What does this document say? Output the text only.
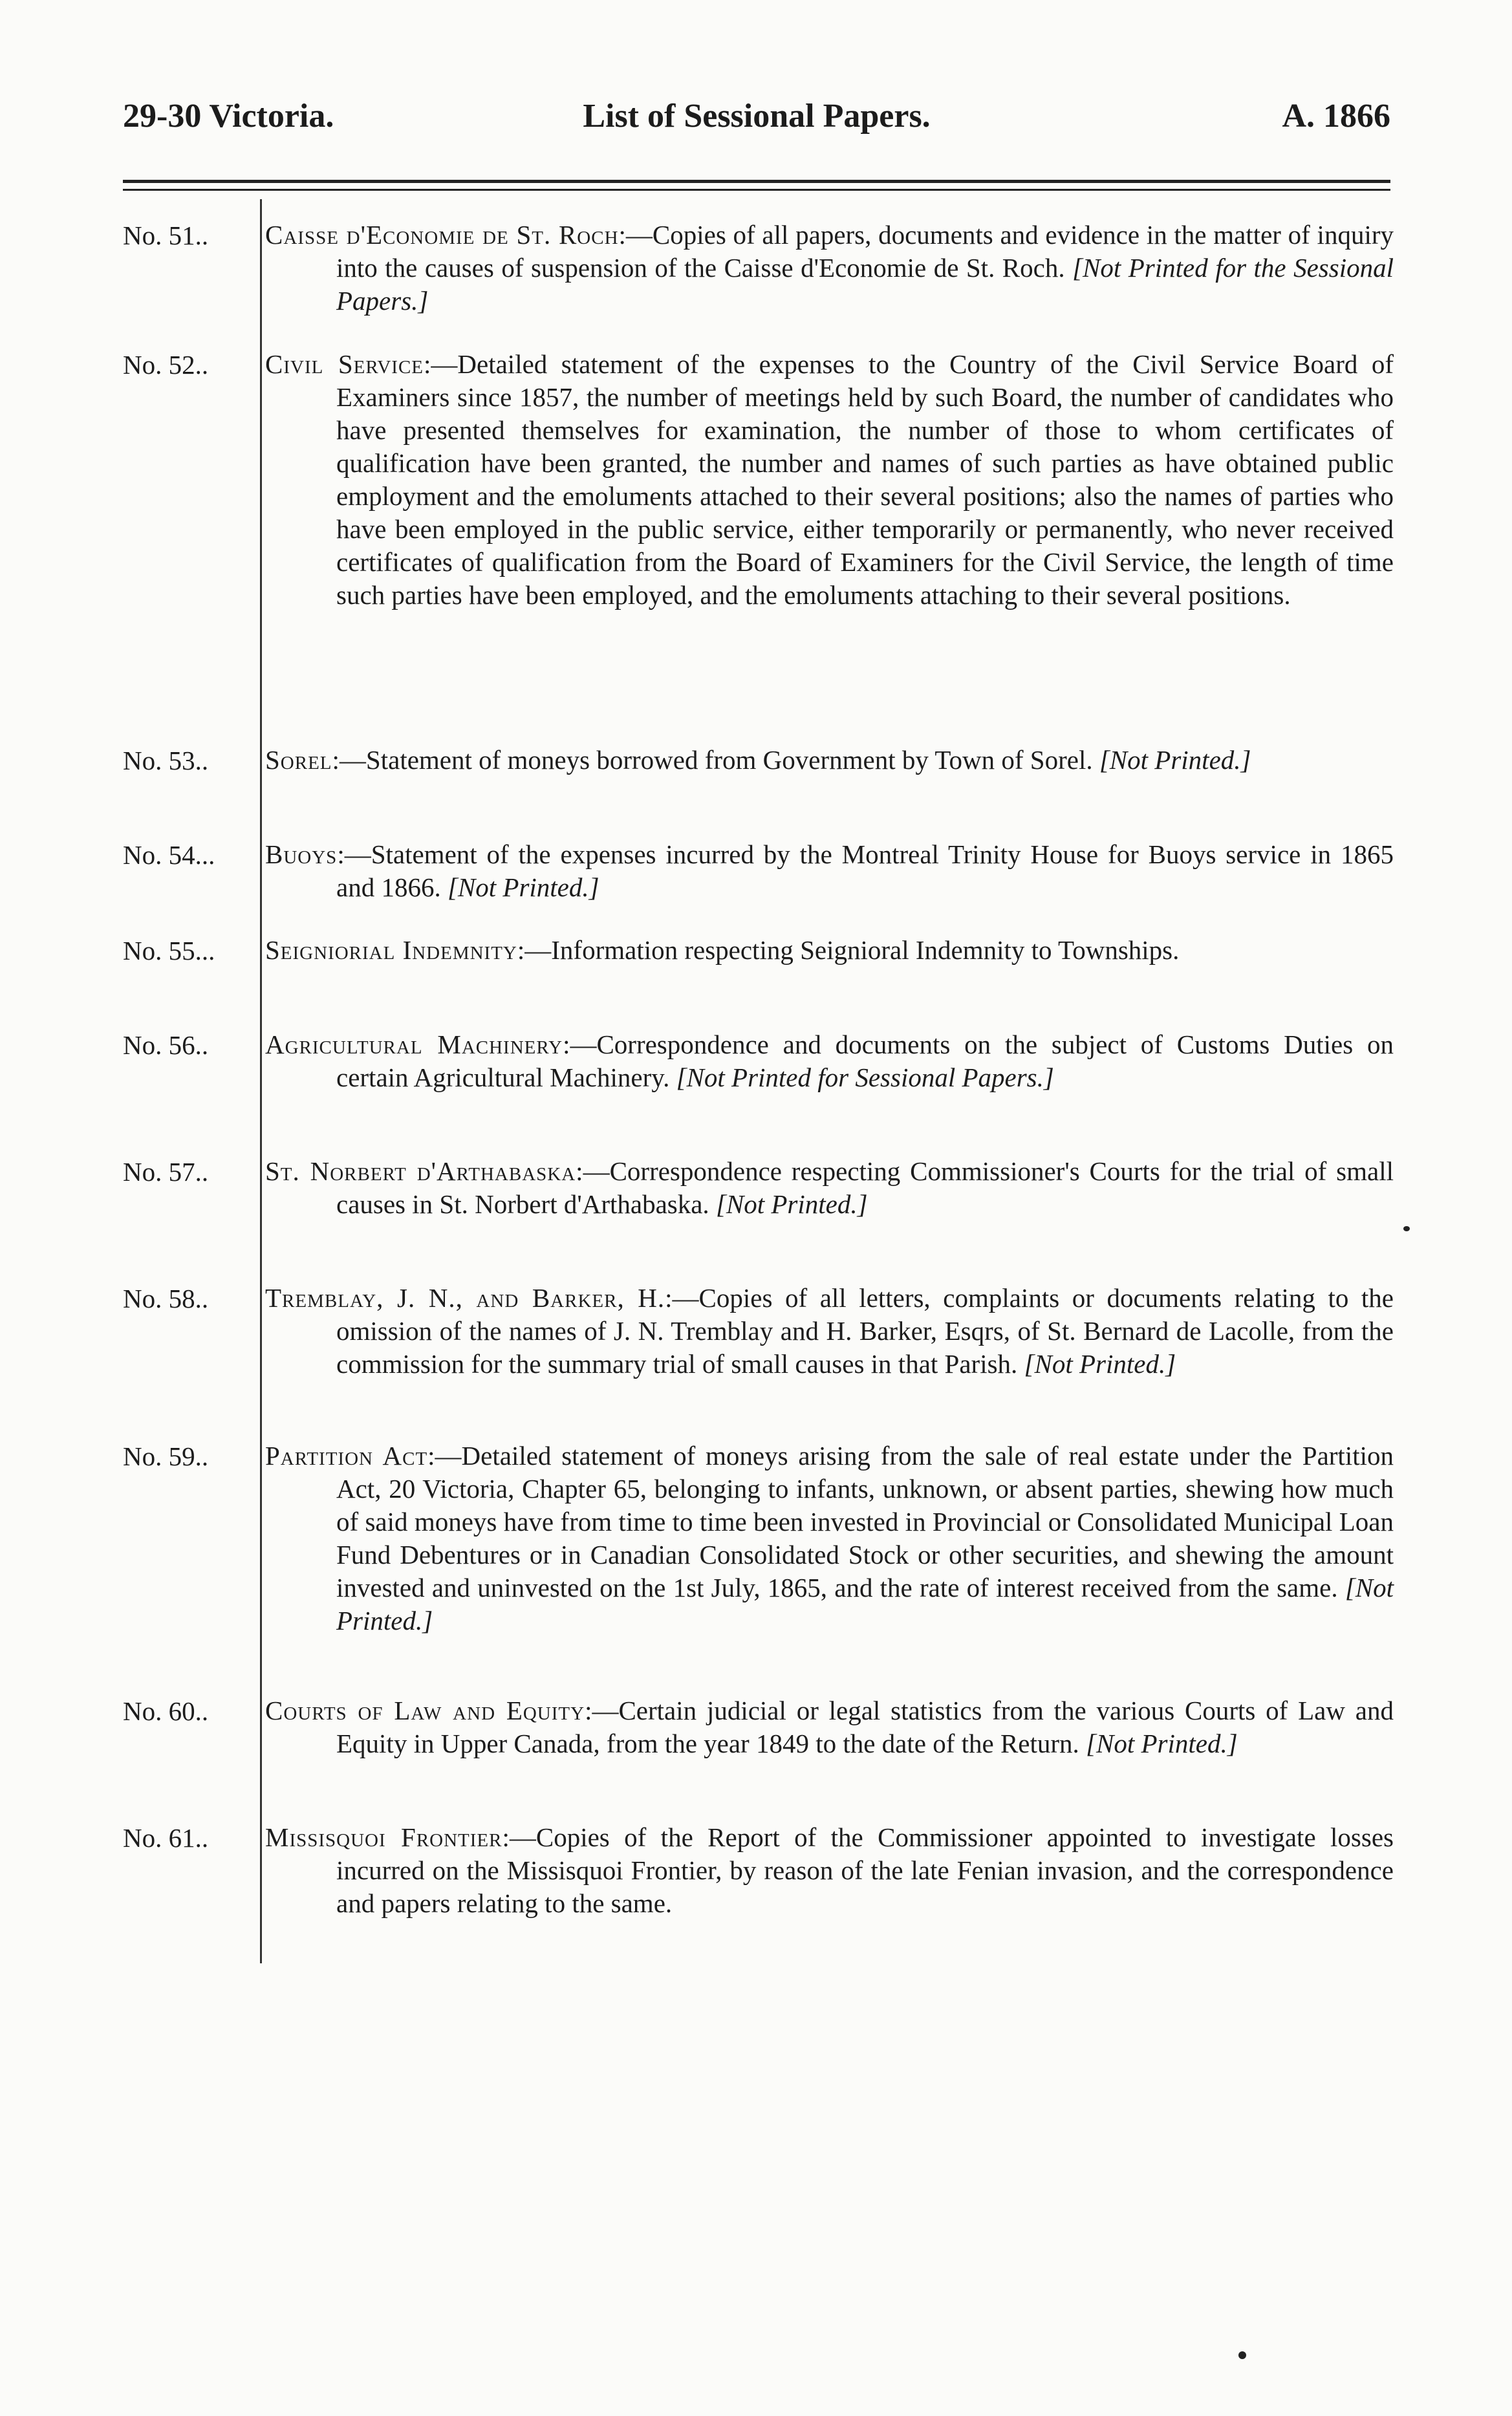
29-30 Victoria.	List of Sessional Papers.	A. 1866
No. 51..	Caisse d'Economie de St. Roch:—Copies of all papers, documents and evidence in the matter of inquiry into the causes of suspension of the Caisse d'Economie de St. Roch. [Not Printed for the Sessional Papers.]
No. 52..	Civil Service:—Detailed statement of the expenses to the Country of the Civil Service Board of Examiners since 1857, the number of meetings held by such Board, the number of candidates who have presented themselves for examination, the number of those to whom certificates of qualification have been granted, the number and names of such parties as have obtained public employment and the emoluments attached to their several positions; also the names of parties who have been employed in the public service, either temporarily or permanently, who never received certificates of qualification from the Board of Examiners for the Civil Service, the length of time such parties have been employed, and the emoluments attaching to their several positions.
No. 53..	Sorel:—Statement of moneys borrowed from Government by Town of Sorel. [Not Printed.]
No. 54...	Buoys:—Statement of the expenses incurred by the Montreal Trinity House for Buoys service in 1865 and 1866. [Not Printed.]
No. 55...	Seigniorial Indemnity:—Information respecting Seignioral Indemnity to Townships.
No. 56..	Agricultural Machinery:—Correspondence and documents on the subject of Customs Duties on certain Agricultural Machinery. [Not Printed for Sessional Papers.]
No. 57..	St. Norbert d'Arthabaska:—Correspondence respecting Commissioner's Courts for the trial of small causes in St. Norbert d'Arthabaska. [Not Printed.]
No. 58..	Tremblay, J. N., and Barker, H.:—Copies of all letters, complaints or documents relating to the omission of the names of J. N. Tremblay and H. Barker, Esqrs, of St. Bernard de Lacolle, from the commission for the summary trial of small causes in that Parish. [Not Printed.]
No. 59..	Partition Act:—Detailed statement of moneys arising from the sale of real estate under the Partition Act, 20 Victoria, Chapter 65, belonging to infants, unknown, or absent parties, shewing how much of said moneys have from time to time been invested in Provincial or Consolidated Municipal Loan Fund Debentures or in Canadian Consolidated Stock or other securities, and shewing the amount invested and uninvested on the 1st July, 1865, and the rate of interest received from the same. [Not Printed.]
No. 60..	Courts of Law and Equity:—Certain judicial or legal statistics from the various Courts of Law and Equity in Upper Canada, from the year 1849 to the date of the Return. [Not Printed.]
No. 61..	Missisquoi Frontier:—Copies of the Report of the Commissioner appointed to investigate losses incurred on the Missisquoi Frontier, by reason of the late Fenian invasion, and the correspondence and papers relating to the same.
